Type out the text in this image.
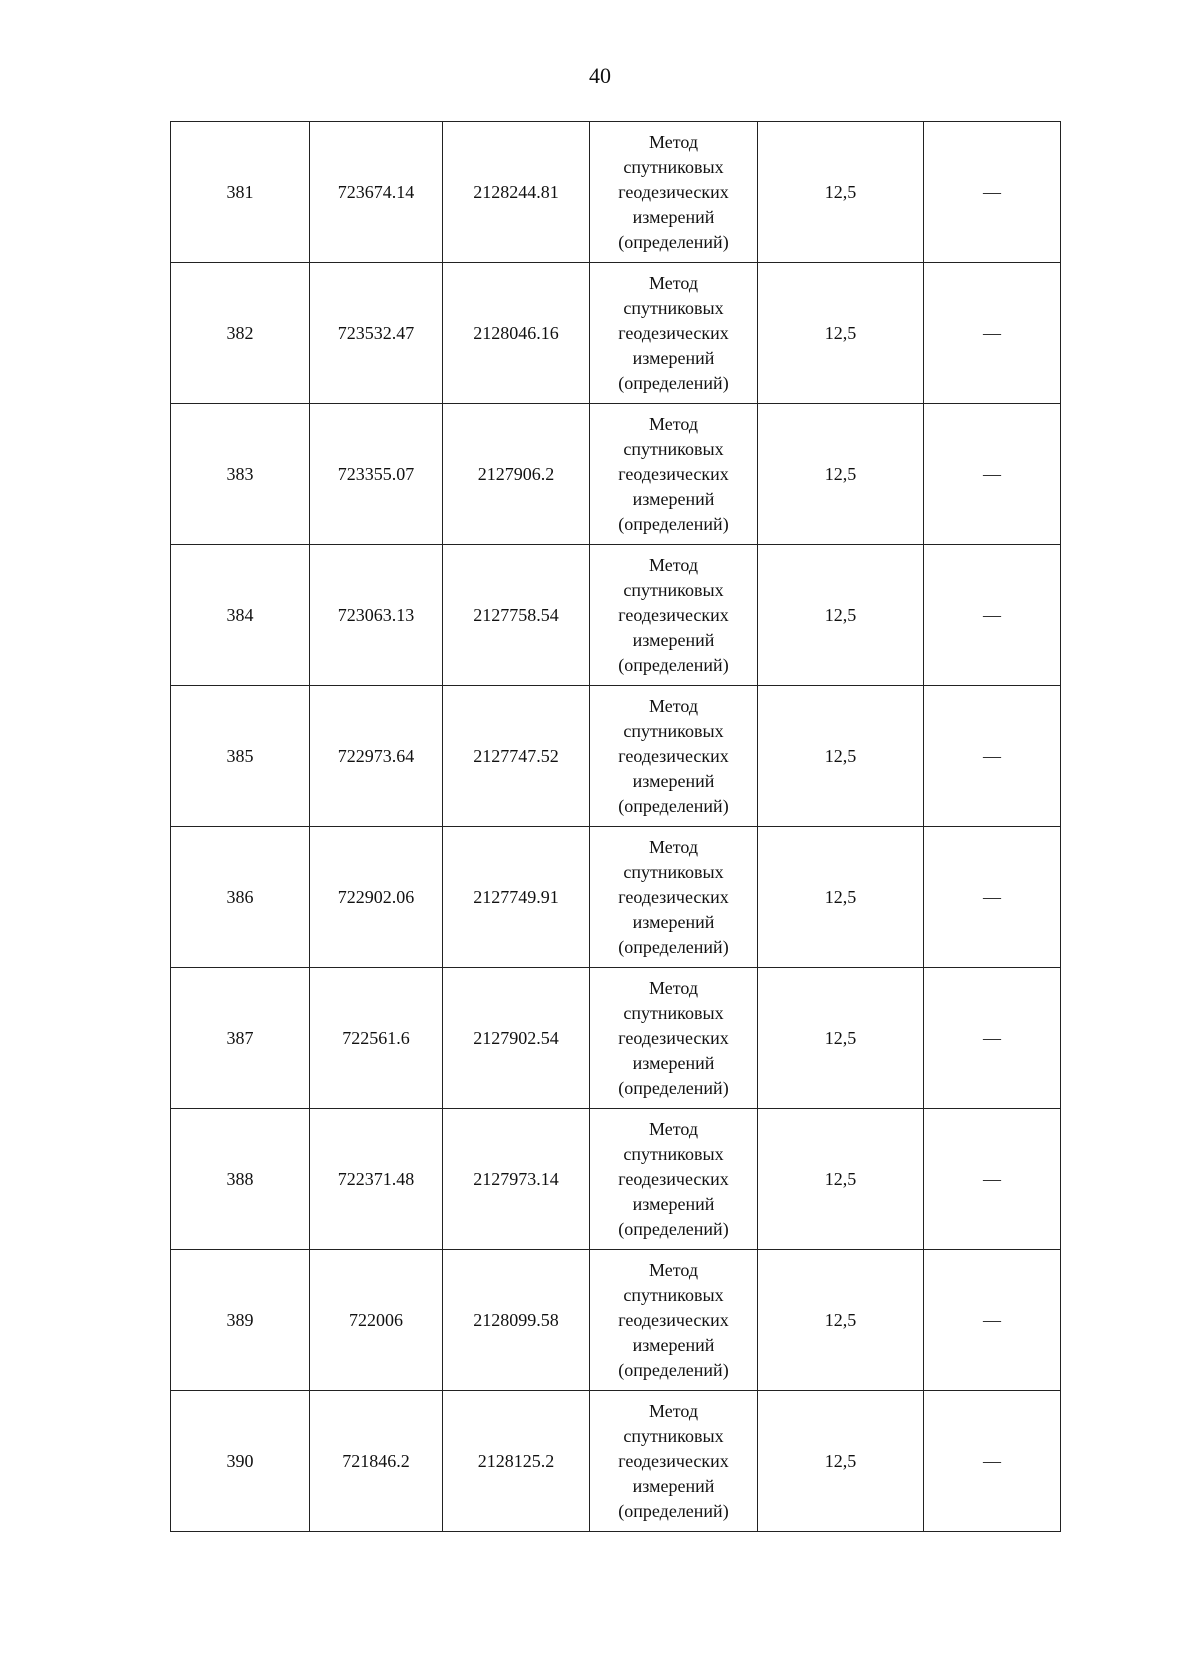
40
381	723674.14	2128244.81	Метод
спутниковых
геодезических
измерений
(определений)	12,5	—
382	723532.47	2128046.16	Метод
спутниковых
геодезических
измерений
(определений)	12,5	—
383	723355.07	2127906.2	Метод
спутниковых
геодезических
измерений
(определений)	12,5	—
384	723063.13	2127758.54	Метод
спутниковых
геодезических
измерений
(определений)	12,5	—
385	722973.64	2127747.52	Метод
спутниковых
геодезических
измерений
(определений)	12,5	—
386	722902.06	2127749.91	Метод
спутниковых
геодезических
измерений
(определений)	12,5	—
387	722561.6	2127902.54	Метод
спутниковых
геодезических
измерений
(определений)	12,5	—
388	722371.48	2127973.14	Метод
спутниковых
геодезических
измерений
(определений)	12,5	—
389	722006	2128099.58	Метод
спутниковых
геодезических
измерений
(определений)	12,5	—
390	721846.2	2128125.2	Метод
спутниковых
геодезических
измерений
(определений)	12,5	—
